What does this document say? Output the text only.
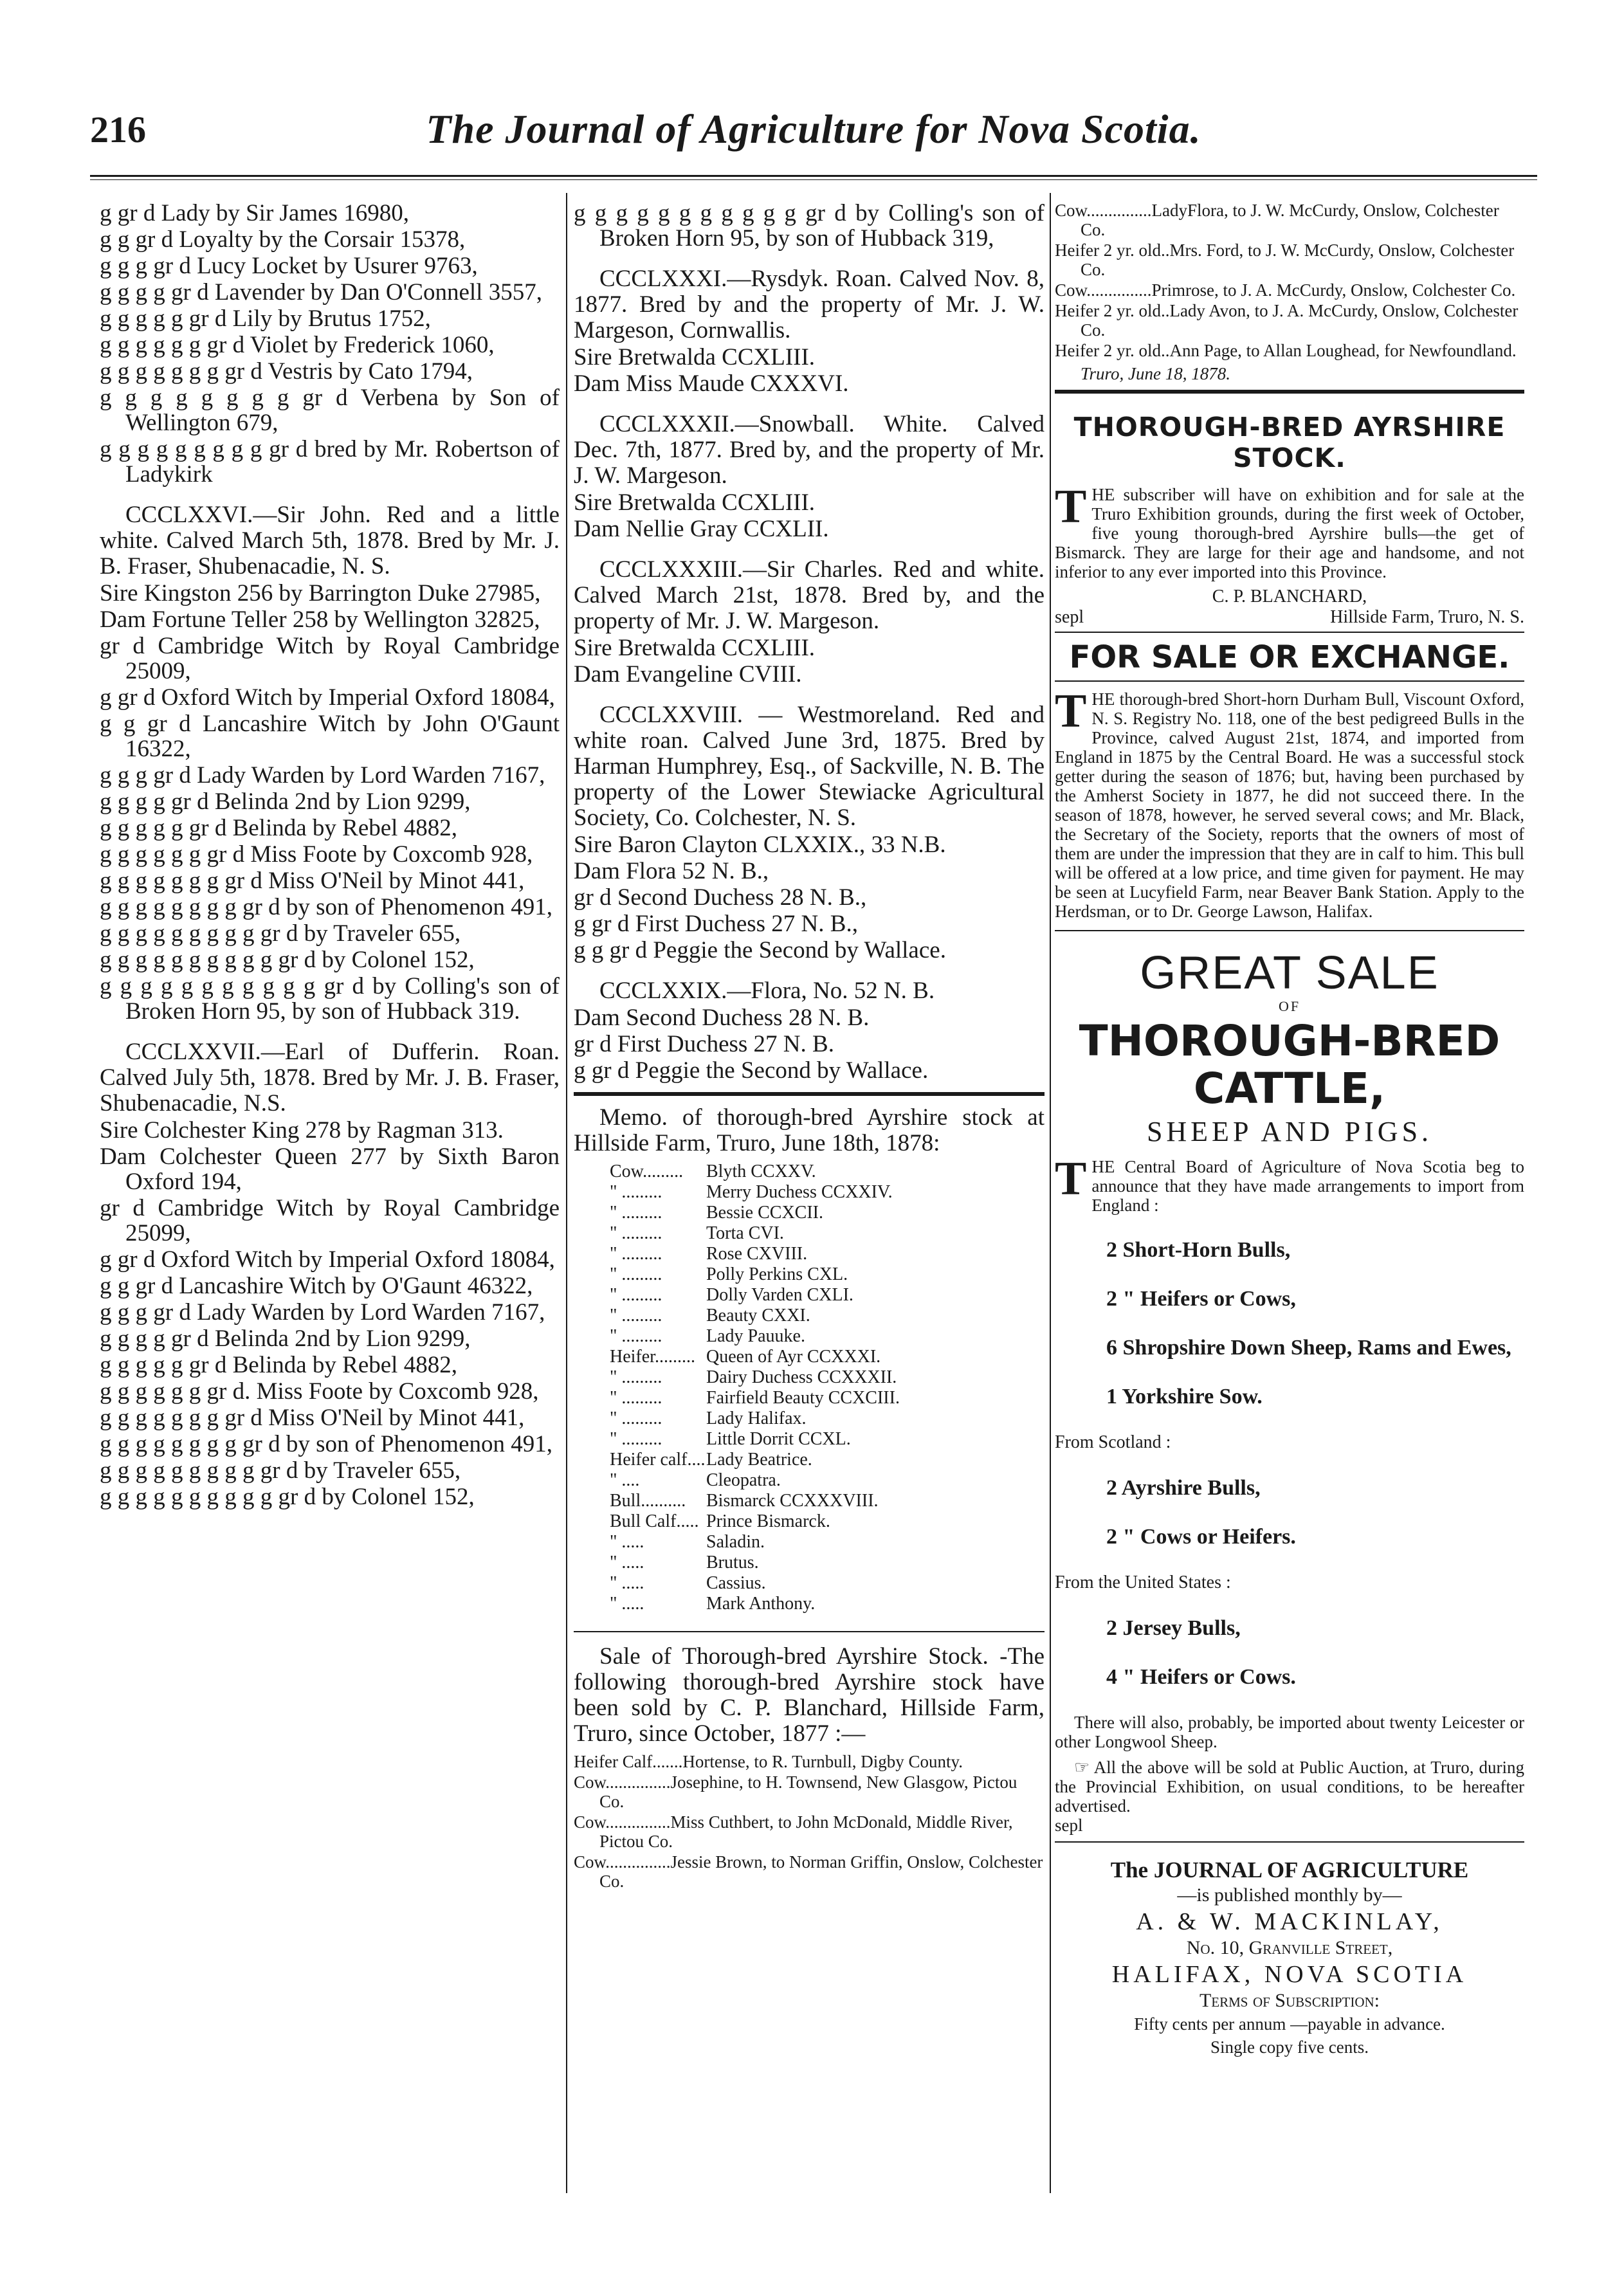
216	The Journal of Agriculture for Nova Scotia.

g gr d Lady by Sir James 16980,

g g gr d Loyalty by the Corsair 15378,

g g g gr d Lucy Locket by Usurer 9763,

g g g g gr d Lavender by Dan O'Connell 3557,

g g g g g gr d Lily by Brutus 1752,

g g g g g g gr d Violet by Frederick 1060,

g g g g g g g gr d Vestris by Cato 1794,

g g g g g g g g gr d Verbena by Son of Wellington 679,

g g g g g g g g g gr d bred by Mr. Robertson of Ladykirk

CCCLXXVI.—Sir John. Red and a little white. Calved March 5th, 1878. Bred by Mr. J. B. Fraser, Shubenacadie, N. S.

Sire Kingston 256 by Barrington Duke 27985,

Dam Fortune Teller 258 by Wellington 32825,

gr d Cambridge Witch by Royal Cambridge 25009,

g gr d Oxford Witch by Imperial Oxford 18084,

g g gr d Lancashire Witch by John O'Gaunt 16322,

g g g gr d Lady Warden by Lord Warden 7167,

g g g g gr d Belinda 2nd by Lion 9299,

g g g g g gr d Belinda by Rebel 4882,

g g g g g g gr d Miss Foote by Coxcomb 928,

g g g g g g g gr d Miss O'Neil by Minot 441,

g g g g g g g g gr d by son of Phenomenon 491,

g g g g g g g g g gr d by Traveler 655,

g g g g g g g g g g gr d by Colonel 152,

g g g g g g g g g g g gr d by Colling's son of Broken Horn 95, by son of Hubback 319.

CCCLXXVII.—Earl of Dufferin. Roan. Calved July 5th, 1878. Bred by Mr. J. B. Fraser, Shubenacadie, N.S.

Sire Colchester King 278 by Ragman 313.

Dam Colchester Queen 277 by Sixth Baron Oxford 194,

gr d Cambridge Witch by Royal Cambridge 25099,

g gr d Oxford Witch by Imperial Oxford 18084,

g g gr d Lancashire Witch by O'Gaunt 46322,

g g g gr d Lady Warden by Lord Warden 7167,

g g g g gr d Belinda 2nd by Lion 9299,

g g g g g gr d Belinda by Rebel 4882,

g g g g g g gr d. Miss Foote by Coxcomb 928,

g g g g g g g gr d Miss O'Neil by Minot 441,

g g g g g g g g gr d by son of Phenomenon 491,

g g g g g g g g g gr d by Traveler 655,

g g g g g g g g g g gr d by Colonel 152,

g g g g g g g g g g g gr d by Colling's son of Broken Horn 95, by son of Hubback 319,

CCCLXXXI.—Rysdyk. Roan. Calved Nov. 8, 1877. Bred by and the property of Mr. J. W. Margeson, Cornwallis.

Sire Bretwalda CCXLIII.

Dam Miss Maude CXXXVI.

CCCLXXXII.—Snowball. White. Calved Dec. 7th, 1877. Bred by, and the property of Mr. J. W. Margeson.

Sire Bretwalda CCXLIII.

Dam Nellie Gray CCXLII.

CCCLXXXIII.—Sir Charles. Red and white. Calved March 21st, 1878. Bred by, and the property of Mr. J. W. Margeson.

Sire Bretwalda CCXLIII.

Dam Evangeline CVIII.

CCCLXXVIII. — Westmoreland. Red and white roan. Calved June 3rd, 1875. Bred by Harman Humphrey, Esq., of Sackville, N. B. The property of the Lower Stewiacke Agricultural Society, Co. Colchester, N. S.

Sire Baron Clayton CLXXIX., 33 N.B.

Dam Flora 52 N. B.,

gr d Second Duchess 28 N. B.,

g gr d First Duchess 27 N. B.,

g g gr d Peggie the Second by Wallace.

CCCLXXIX.—Flora, No. 52 N. B.

Dam Second Duchess 28 N. B.

gr d First Duchess 27 N. B.

g gr d Peggie the Second by Wallace.

Memo. of thorough-bred Ayrshire stock at Hillside Farm, Truro, June 18th, 1878:

Cow.........	Blyth CCXXV.
" .........	Merry Duchess CCXXIV.
" .........	Bessie CCXCII.
" .........	Torta CVI.
" .........	Rose CXVIII.
" .........	Polly Perkins CXL.
" .........	Dolly Varden CXLI.
" .........	Beauty CXXI.
" .........	Lady Pauuke.
Heifer......... Queen of Ayr CCXXXI.
" .........	Dairy Duchess CCXXXII.
" .........	Fairfield Beauty CCXCIII.
" .........	Lady Halifax.
" .........	Little Dorrit CCXL.
Heifer calf.... Lady Beatrice.
" ....	Cleopatra.
Bull..........	Bismarck CCXXXVIII.
Bull Calf..... Prince Bismarck.
" .....	Saladin.
" .....	Brutus.
" .....	Cassius.
" .....	Mark Anthony.

Sale of Thorough-bred Ayrshire Stock. -The following thorough-bred Ayrshire stock have been sold by C. P. Blanchard, Hillside Farm, Truro, since October, 1877 :—

Heifer Calf.......Hortense, to R. Turnbull, Digby County.

Cow...............Josephine, to H. Townsend, New Glasgow, Pictou Co.

Cow...............Miss Cuthbert, to John McDonald, Middle River, Pictou Co.

Cow...............Jessie Brown, to Norman Griffin, Onslow, Colchester Co.

Cow...............LadyFlora, to J. W. McCurdy, Onslow, Colchester Co.

Heifer 2 yr. old..Mrs. Ford, to J. W. McCurdy, Onslow, Colchester Co.

Cow...............Primrose, to J. A. McCurdy, Onslow, Colchester Co.

Heifer 2 yr. old..Lady Avon, to J. A. McCurdy, Onslow, Colchester Co.

Heifer 2 yr. old..Ann Page, to Allan Loughead, for Newfoundland.

Truro, June 18, 1878.
THOROUGH-BRED AYRSHIRE STOCK.
T HE subscriber will have on exhibition and for sale at the Truro Exhibition grounds, during the first week of October, five young thorough-bred Ayrshire bulls—the get of Bismarck. They are large for their age and handsome, and not inferior to any ever imported into this Province.

C. P. BLANCHARD,
sepl	Hillside Farm, Truro, N. S.
FOR SALE OR EXCHANGE.
T HE thorough-bred Short-horn Durham Bull, Viscount Oxford, N. S. Registry No. 118, one of the best pedigreed Bulls in the Province, calved August 21st, 1874, and imported from England in 1875 by the Central Board. He was a successful stock getter during the season of 1876; but, having been purchased by the Amherst Society in 1877, he did not succeed there. In the season of 1878, however, he served several cows; and Mr. Black, the Secretary of the Society, reports that the owners of most of them are under the impression that they are in calf to him. This bull will be offered at a low price, and time given for payment. He may be seen at Lucyfield Farm, near Beaver Bank Station. Apply to the Herdsman, or to Dr. George Lawson, Halifax.

GREAT SALE
OF
THOROUGH-BRED CATTLE,
SHEEP AND PIGS.
T HE Central Board of Agriculture of Nova Scotia beg to announce that they have made arrangements to import from England :

2 Short-Horn Bulls,

2 " Heifers or Cows,

6 Shropshire Down Sheep, Rams and Ewes,

1 Yorkshire Sow.

From Scotland :

2 Ayrshire Bulls,

2 " Cows or Heifers.

From the United States :

2 Jersey Bulls,

4 " Heifers or Cows.

There will also, probably, be imported about twenty Leicester or other Longwool Sheep.

☞ All the above will be sold at Public Auction, at Truro, during the Provincial Exhibition, on usual conditions, to be hereafter advertised.

sepl
The JOURNAL OF AGRICULTURE
—is published monthly by—
A. & W. MACKINLAY,
No. 10, Granville Street,
HALIFAX, NOVA SCOTIA
Terms of Subscription:
Fifty cents per annum —payable in advance.
Single copy five cents.
